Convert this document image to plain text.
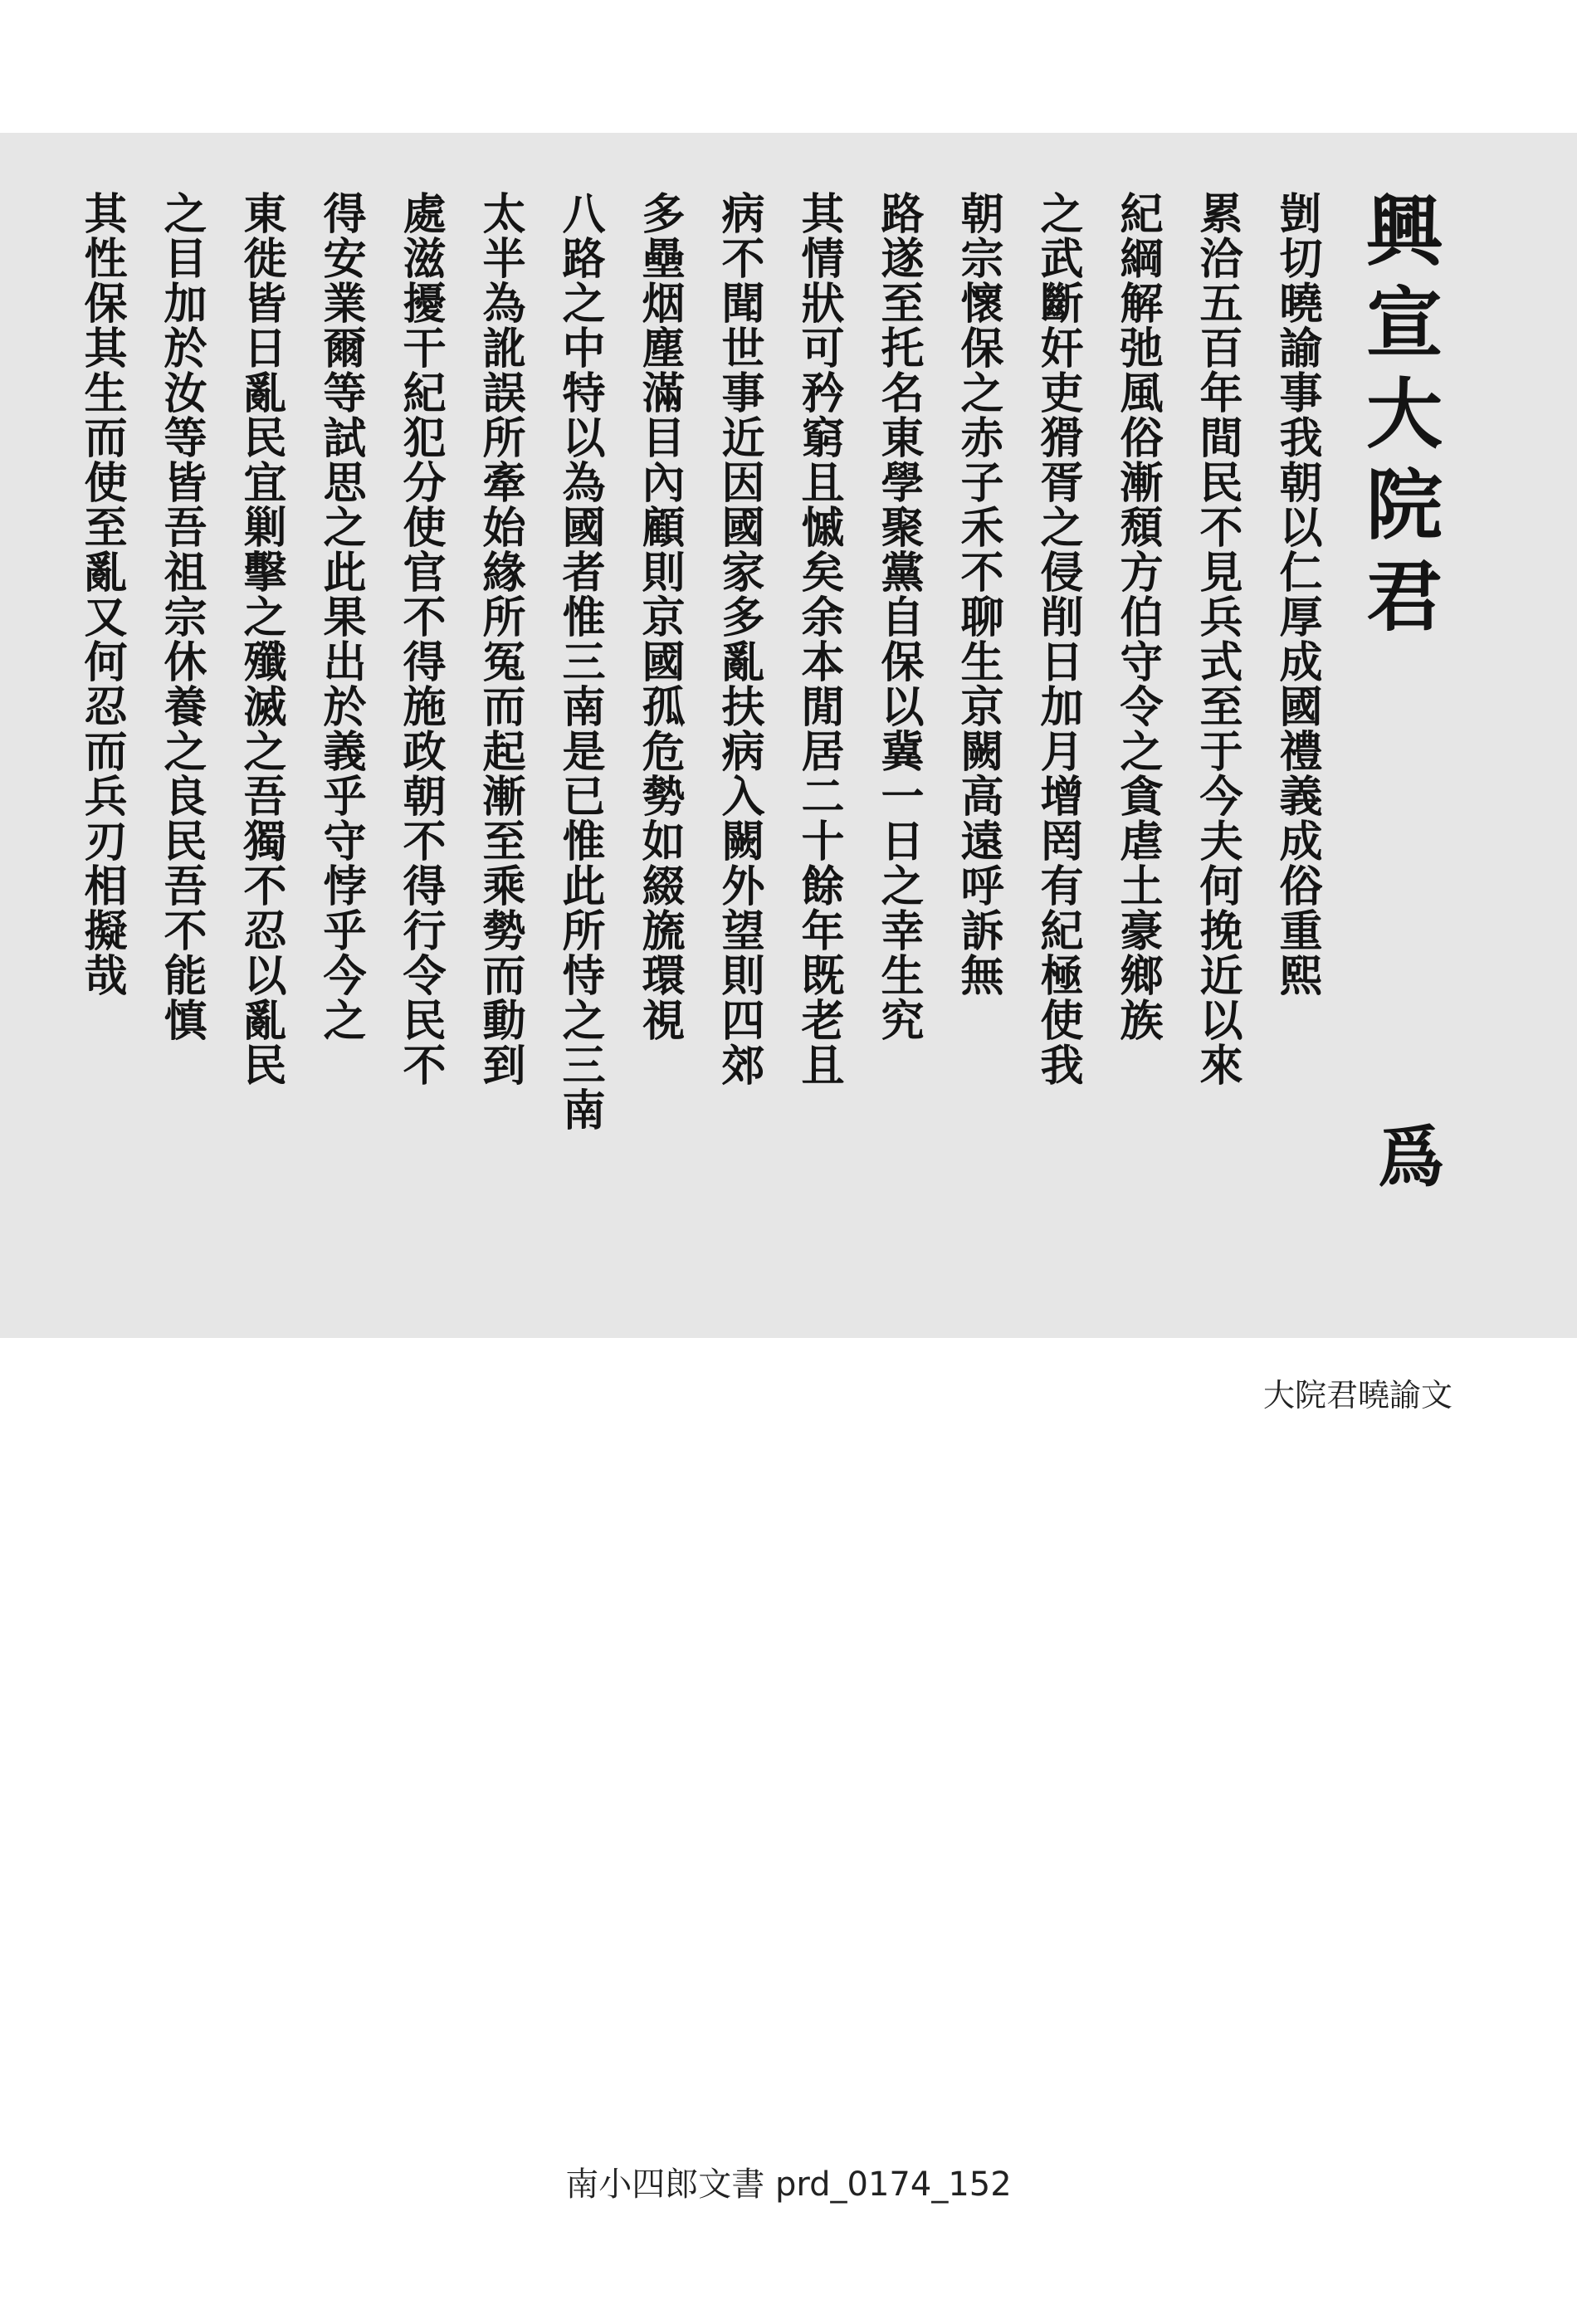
興宣大院君
剴切曉諭事我朝以仁厚成國禮義成俗重熙
累洽五百年間民不見兵式至于今夫何挽近以來
紀綱解弛風俗漸頹方伯守令之貪虐土豪鄉族
之武斷奸吏猾胥之侵削日加月增罔有紀極使我
朝宗懷保之赤子禾不聊生京闕高遠呼訴無
路遂至托名東學聚黨自保以冀一日之幸生究
其情狀可矜窮且慽矣余本閒居二十餘年既老且
病不聞世事近因國家多亂扶病入闕外望則四郊
多壘烟塵滿目內顧則京國孤危勢如綴旒環視
八路之中特以為國者惟三南是已惟此所恃之三南
太半為訛誤所牽始緣所冤而起漸至乘勢而動到
處滋擾干紀犯分使官不得施政朝不得行令民不
得安業爾等試思之此果出於義乎守悖乎今之
東徙皆日亂民宜剿擊之殲滅之吾獨不忍以亂民
之目加於汝等皆吾祖宗休養之良民吾不能慎
其性保其生而使至亂又何忍而兵刃相擬哉
爲
大院君曉諭文
南小四郎文書 prd_0174_152
